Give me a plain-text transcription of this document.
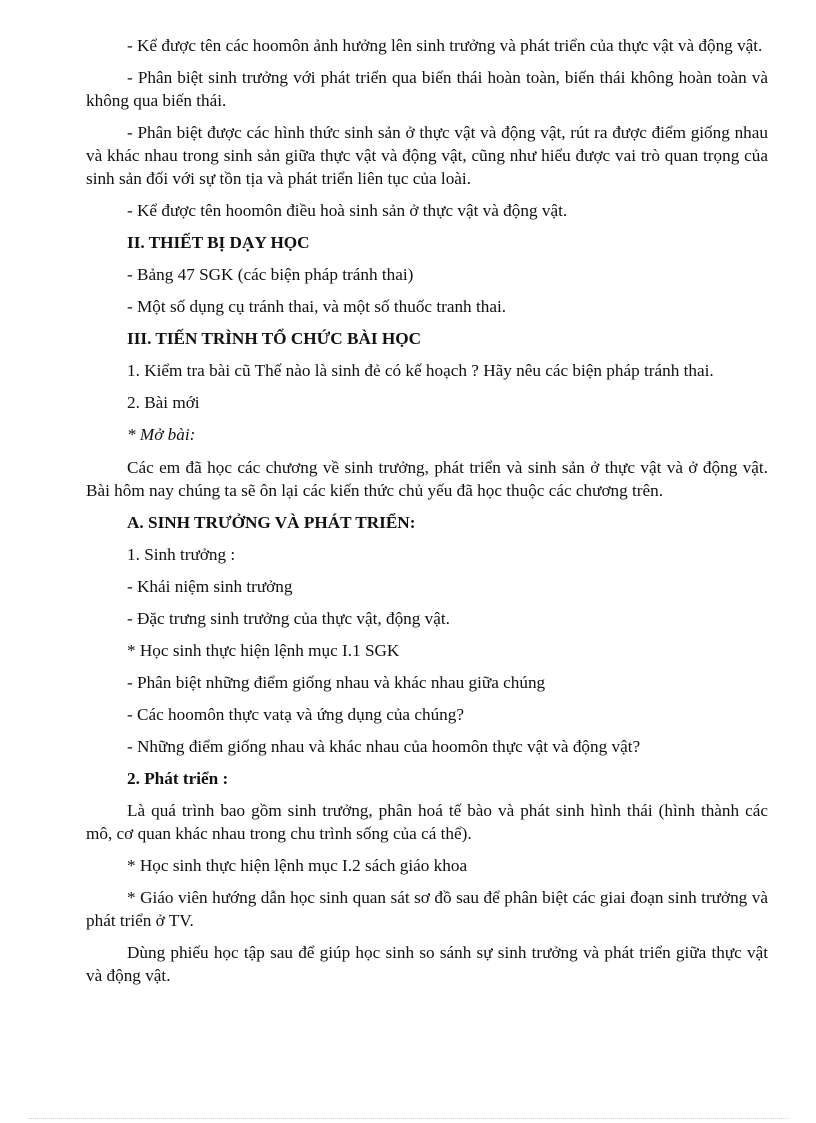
- Kể được tên các hoomôn ảnh hưởng lên sinh trưởng và phát triển của thực vật và động vật.

- Phân biệt sinh trưởng với phát triển qua biến thái hoàn toàn, biến thái không hoàn toàn và không qua biến thái.

- Phân biệt được các hình thức sinh sản ở thực vật và động vật, rút ra được điểm giống nhau và khác nhau trong sinh sản giữa thực vật và động vật, cũng như hiểu được vai trò quan trọng của sinh sản đối với sự tồn tịa và phát triển liên tục của loài.

- Kể được tên hoomôn điều hoà sinh sản ở thực vật và động vật.

II. THIẾT BỊ DẠY HỌC

- Bảng 47 SGK (các biện pháp tránh thai)

- Một số dụng cụ tránh thai, và một số thuốc tranh thai.

III. TIẾN TRÌNH TỔ CHỨC BÀI HỌC

1. Kiểm tra bài cũ Thế nào là sinh đẻ có kế hoạch ? Hãy nêu các biện pháp tránh thai.

2. Bài mới

* Mở bài:

Các em đã học các chương về sinh trưởng, phát triển và sinh sản ở thực vật và ở động vật. Bài hôm nay chúng ta sẽ ôn lại các kiến thức chủ yếu đã học thuộc các chương trên.

A. SINH TRƯỞNG VÀ PHÁT TRIỂN:

1. Sinh trưởng :

- Khái niệm sinh trưởng

- Đặc trưng sinh trưởng của thực vật, động vật.

* Học sinh thực hiện lệnh mục I.1 SGK

- Phân biệt những điểm giống nhau và khác nhau giữa chúng

- Các hoomôn thực vatạ và ứng dụng của chúng?

- Những điểm giống nhau và khác nhau của hoomôn thực vật và động vật?

2. Phát triển :

Là quá trình bao gồm sinh trưởng, phân hoá tế bào và phát sinh hình thái (hình thành các mô, cơ quan khác nhau trong chu trình sống của cá thể).

* Học sinh thực hiện lệnh mục I.2 sách giáo khoa

* Giáo viên hướng dẫn học sinh quan sát sơ đồ sau để phân biệt các giai đoạn sinh trưởng và phát triển ở TV.

Dùng phiếu học tập sau để giúp học sinh so sánh sự sinh trưởng và phát triển giữa thực vật và động vật.
